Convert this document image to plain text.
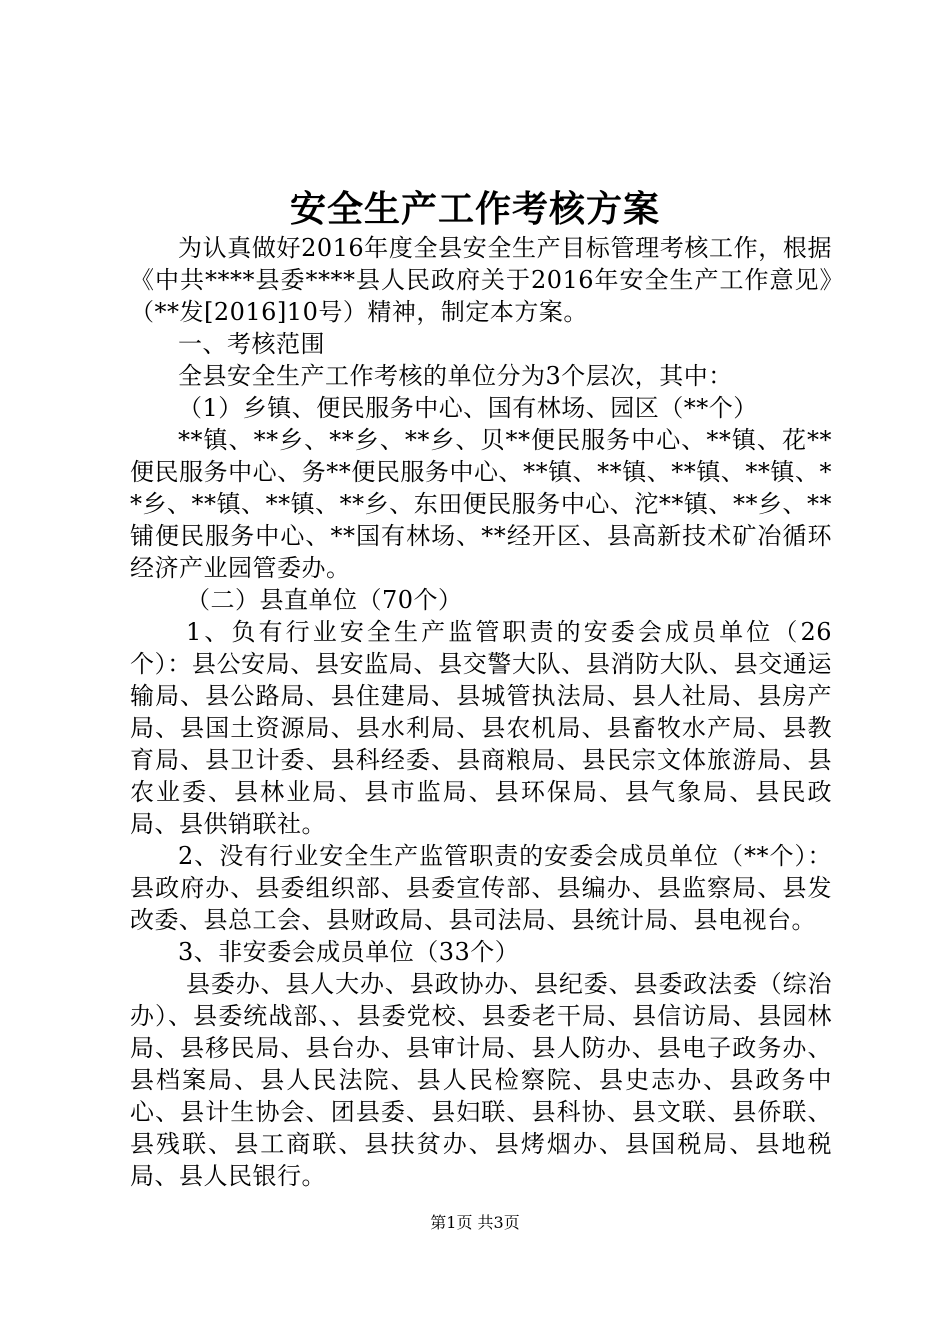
安全生产工作考核方案

为认真做好2016年度全县安全生产目标管理考核工作，根据《中共****县委****县人民政府关于2016年安全生产工作意见》（**发[2016]10号）精神，制定本方案。

一、考核范围

全县安全生产工作考核的单位分为3个层次，其中：

（1）乡镇、便民服务中心、国有林场、园区（**个）

**镇、**乡、**乡、**乡、贝**便民服务中心、**镇、花**便民服务中心、务**便民服务中心、**镇、**镇、**镇、**镇、**乡、**镇、**镇、**乡、东田便民服务中心、沱**镇、**乡、**铺便民服务中心、**国有林场、**经开区、县高新技术矿冶循环经济产业园管委办。

（二）县直单位（70个）

1、负有行业安全生产监管职责的安委会成员单位（26个）：县公安局、县安监局、县交警大队、县消防大队、县交通运输局、县公路局、县住建局、县城管执法局、县人社局、县房产局、县国土资源局、县水利局、县农机局、县畜牧水产局、县教育局、县卫计委、县科经委、县商粮局、县民宗文体旅游局、县农业委、县林业局、县市监局、县环保局、县气象局、县民政局、县供销联社。

2、没有行业安全生产监管职责的安委会成员单位（**个）：县政府办、县委组织部、县委宣传部、县编办、县监察局、县发改委、县总工会、县财政局、县司法局、县统计局、县电视台。

3、非安委会成员单位（33个）

县委办、县人大办、县政协办、县纪委、县委政法委（综治办）、县委统战部、、县委党校、县委老干局、县信访局、县园林局、县移民局、县台办、县审计局、县人防办、县电子政务办、县档案局、县人民法院、县人民检察院、县史志办、县政务中心、县计生协会、团县委、县妇联、县科协、县文联、县侨联、县残联、县工商联、县扶贫办、县烤烟办、县国税局、县地税局、县人民银行。

第1页 共3页
